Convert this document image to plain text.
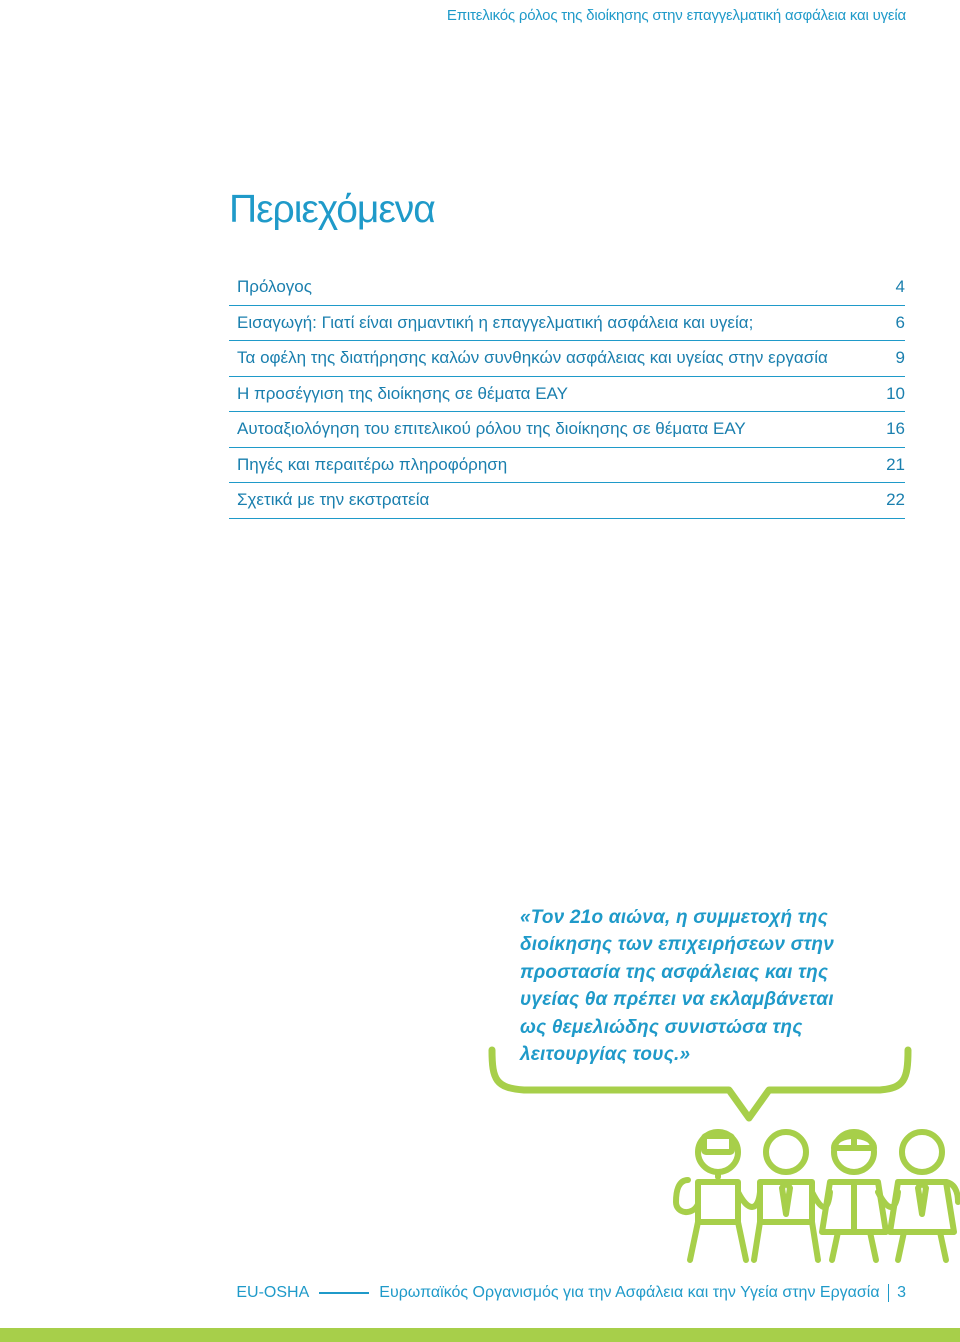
Επιτελικός ρόλος της διοίκησης στην επαγγελματική ασφάλεια και υγεία
Περιεχόμενα
Πρόλογος	4
Εισαγωγή: Γιατί είναι σημαντική η επαγγελματική ασφάλεια και υγεία;	6
Τα οφέλη της διατήρησης καλών συνθηκών ασφάλειας και υγείας στην εργασία	9
Η προσέγγιση της διοίκησης σε θέματα ΕΑΥ	10
Αυτοαξιολόγηση του επιτελικού ρόλου της διοίκησης σε θέματα ΕΑΥ	16
Πηγές και περαιτέρω πληροφόρηση	21
Σχετικά με την εκστρατεία	22
«Τον 21ο αιώνα, η συμμετοχή της
διοίκησης των επιχειρήσεων στην
προστασία της ασφάλειας και της
υγείας θα πρέπει να εκλαμβάνεται
ως θεμελιώδης συνιστώσα της
λειτουργίας τους.»
EU-OSHA	Ευρωπαϊκός Οργανισμός για την Ασφάλεια και την Υγεία στην Εργασία 3
